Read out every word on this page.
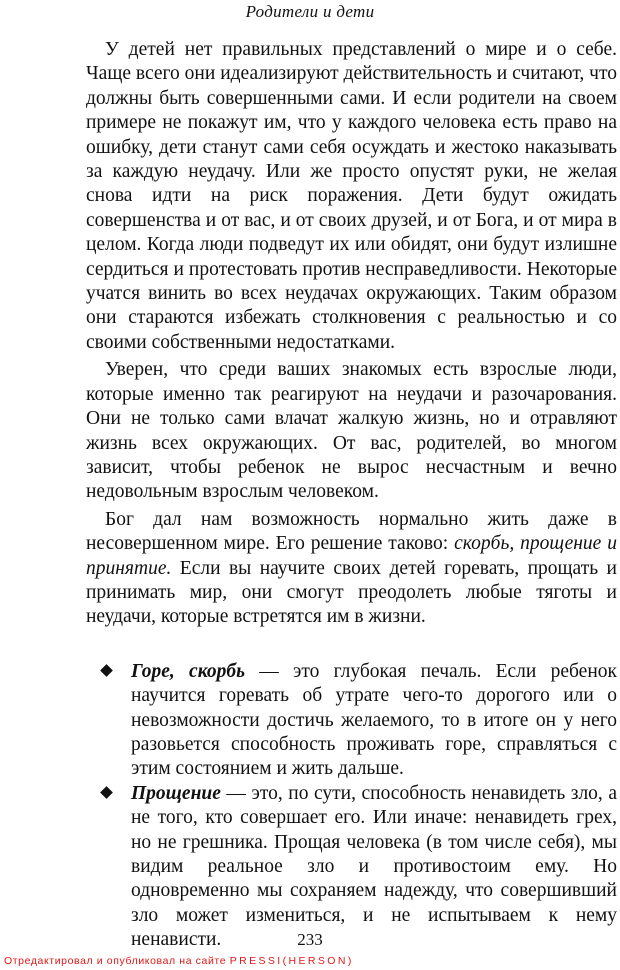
Родители и дети

У детей нет правильных представлений о мире и о себе. Чаще всего они идеализируют действительность и считают, что должны быть совершенными сами. И если родители на своем примере не покажут им, что у каждого человека есть право на ошибку, дети станут сами себя осуждать и жестоко наказывать за каждую неудачу. Или же просто опустят руки, не желая снова идти на риск поражения. Дети будут ожидать совершенства и от вас, и от своих друзей, и от Бога, и от мира в целом. Когда люди подведут их или обидят, они будут излишне сердиться и протестовать против несправедливости. Некоторые учатся винить во всех неудачах окружающих. Таким образом они стараются избежать столкновения с реальностью и со своими собственными недостатками.

Уверен, что среди ваших знакомых есть взрослые люди, которые именно так реагируют на неудачи и разочарования. Они не только сами влачат жалкую жизнь, но и отравляют жизнь всех окружающих. От вас, родителей, во многом зависит, чтобы ребенок не вырос несчастным и вечно недовольным взрослым человеком.

Бог дал нам возможность нормально жить даже в несовершенном мире. Его решение таково: скорбь, прощение и принятие. Если вы научите своих детей горевать, прощать и принимать мир, они смогут преодолеть любые тяготы и неудачи, которые встретятся им в жизни.

Горе, скорбь — это глубокая печаль. Если ребенок научится горевать об утрате чего-то дорогого или о невозможности достичь желаемого, то в итоге он у него разовьется способность проживать горе, справляться с этим состоянием и жить дальше.
Прощение — это, по сути, способность ненавидеть зло, а не того, кто совершает его. Или иначе: ненавидеть грех, но не грешника. Прощая человека (в том числе себя), мы видим реальное зло и противостоим ему. Но одновременно мы сохраняем надежду, что совершивший зло может измениться, и не испытываем к нему ненависти.	233
Отредактировал и опубликовал на сайте PRESSI(HERSON)
